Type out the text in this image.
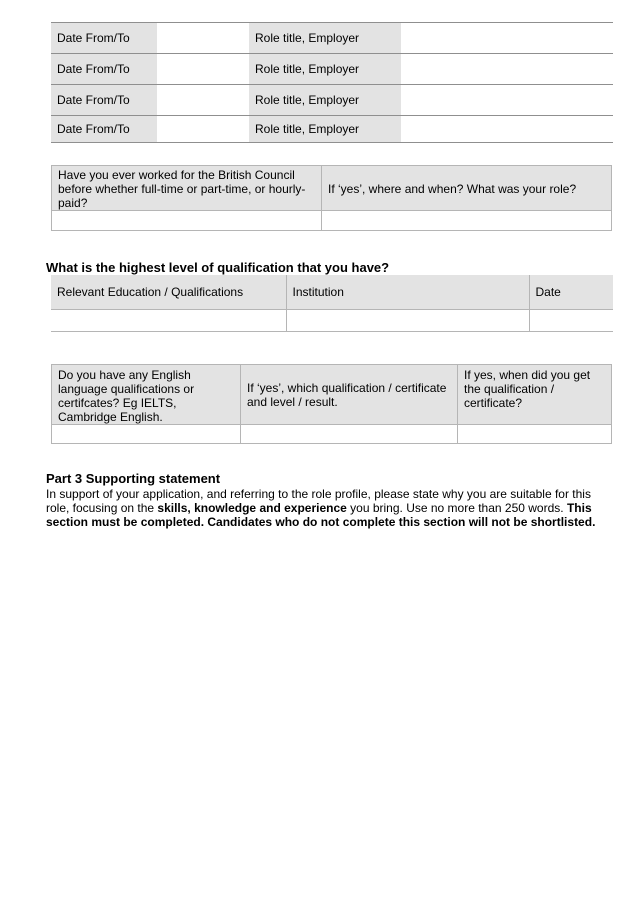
Date From/To		Role title, Employer	
Date From/To		Role title, Employer	
Date From/To		Role title, Employer	
Date From/To		Role title, Employer	
Have you ever worked for the British Council before whether full-time or part-time, or hourly-paid?	If ‘yes’, where and when? What was your role?

What is the highest level of qualification that you have?
Relevant Education / Qualifications	Institution	Date

Do you have any English language qualifications or certifcates? Eg IELTS, Cambridge English.	If ‘yes’, which qualification / certificate and level / result.	If yes, when did you get the qualification / certificate?

Part 3 Supporting statement
In support of your application, and referring to the role profile, please state why you are suitable for this role, focusing on the skills, knowledge and experience you bring. Use no more than 250 words. This section must be completed. Candidates who do not complete this section will not be shortlisted.
